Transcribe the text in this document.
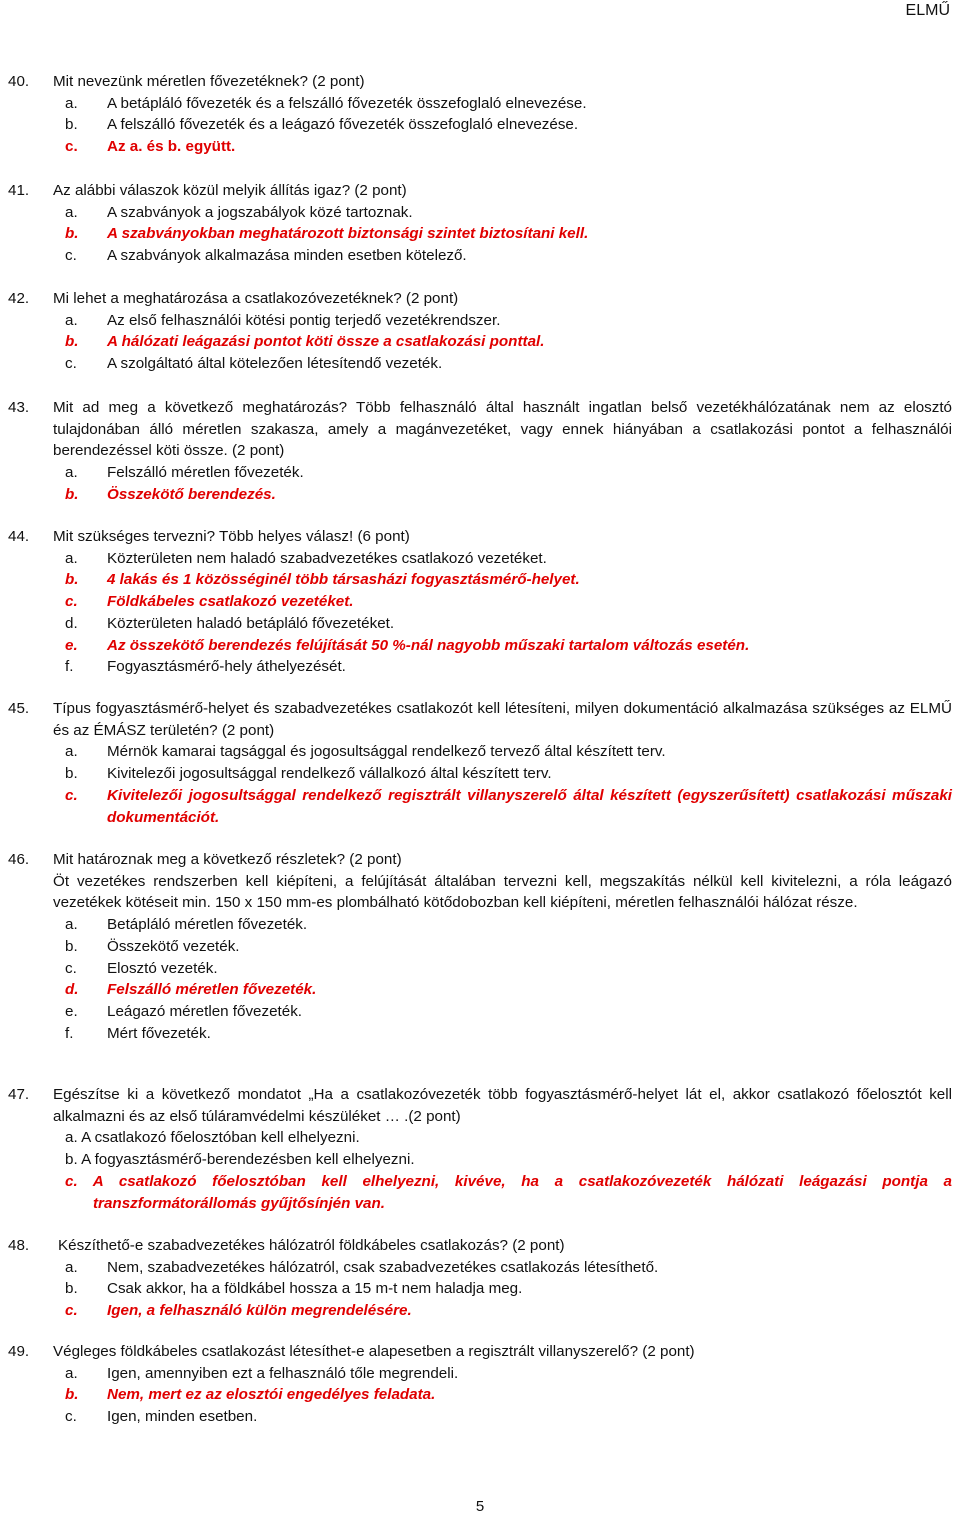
ELMŰ
40. Mit nevezünk méretlen fővezetéknek? (2 pont)
a. A betápláló fővezeték és a felszálló fővezeték összefoglaló elnevezése.
b. A felszálló fővezeték és a leágazó fővezeték összefoglaló elnevezése.
c. Az a. és b. együtt.
41. Az alábbi válaszok közül melyik állítás igaz? (2 pont)
a. A szabványok a jogszabályok közé tartoznak.
b. A szabványokban meghatározott biztonsági szintet biztosítani kell.
c. A szabványok alkalmazása minden esetben kötelező.
42. Mi lehet a meghatározása a csatlakozóvezetéknek? (2 pont)
a. Az első felhasználói kötési pontig terjedő vezetékrendszer.
b. A hálózati leágazási pontot köti össze a csatlakozási ponttal.
c. A szolgáltató által kötelezően létesítendő vezeték.
43. Mit ad meg a következő meghatározás? Több felhasználó által használt ingatlan belső vezetékhálózatának nem az elosztó tulajdonában álló méretlen szakasza, amely a magánvezetéket, vagy ennek hiányában a csatlakozási pontot a felhasználói berendezéssel köti össze. (2 pont)
a. Felszálló méretlen fővezeték.
b. Összekötő berendezés.
44. Mit szükséges tervezni? Több helyes válasz! (6 pont)
a. Közterületen nem haladó szabadvezetékes csatlakozó vezetéket.
b. 4 lakás és 1 közösséginél több társasházi fogyasztásmérő-helyet.
c. Földkábeles csatlakozó vezetéket.
d. Közterületen haladó betápláló fővezetéket.
e. Az összekötő berendezés felújítását 50 %-nál nagyobb műszaki tartalom változás esetén.
f. Fogyasztásmérő-hely áthelyezését.
45. Típus fogyasztásmérő-helyet és szabadvezetékes csatlakozót kell létesíteni, milyen dokumentáció alkalmazása szükséges az ELMŰ és az ÉMÁSZ területén? (2 pont)
a. Mérnök kamarai tagsággal és jogosultsággal rendelkező tervező által készített terv.
b. Kivitelezői jogosultsággal rendelkező vállalkozó által készített terv.
c. Kivitelezői jogosultsággal rendelkező regisztrált villanyszerelő által készített (egyszerűsített) csatlakozási műszaki dokumentációt.
46. Mit határoznak meg a következő részletek? (2 pont)
Öt vezetékes rendszerben kell kiépíteni, a felújítását általában tervezni kell, megszakítás nélkül kell kivitelezni, a róla leágazó vezetékek kötéseit min. 150 x 150 mm-es plombálható kötődobozban kell kiépíteni, méretlen felhasználói hálózat része.
a. Betápláló méretlen fővezeték.
b. Összekötő vezeték.
c. Elosztó vezeték.
d. Felszálló méretlen fővezeték.
e. Leágazó méretlen fővezeték.
f. Mért fővezeték.
47. Egészítse ki a következő mondatot „Ha a csatlakozóvezeték több fogyasztásmérő-helyet lát el, akkor csatlakozó főelosztót kell alkalmazni és az első túláramvédelmi készüléket … .(2 pont)
a. A csatlakozó főelosztóban kell elhelyezni.
b. A fogyasztásmérő-berendezésben kell elhelyezni.
c. A csatlakozó főelosztóban kell elhelyezni, kivéve, ha a csatlakozóvezeték hálózati leágazási pontja a transzformátorállomás gyűjtősínjén van.
48. Készíthető-e szabadvezetékes hálózatról földkábeles csatlakozás? (2 pont)
a. Nem, szabadvezetékes hálózatról, csak szabadvezetékes csatlakozás létesíthető.
b. Csak akkor, ha a földkábel hossza a 15 m-t nem haladja meg.
c. Igen, a felhasználó külön megrendelésére.
49. Végleges földkábeles csatlakozást létesíthet-e alapesetben a regisztrált villanyszerelő? (2 pont)
a. Igen, amennyiben ezt a felhasználó tőle megrendeli.
b. Nem, mert ez az elosztói engedélyes feladata.
c. Igen, minden esetben.
5
